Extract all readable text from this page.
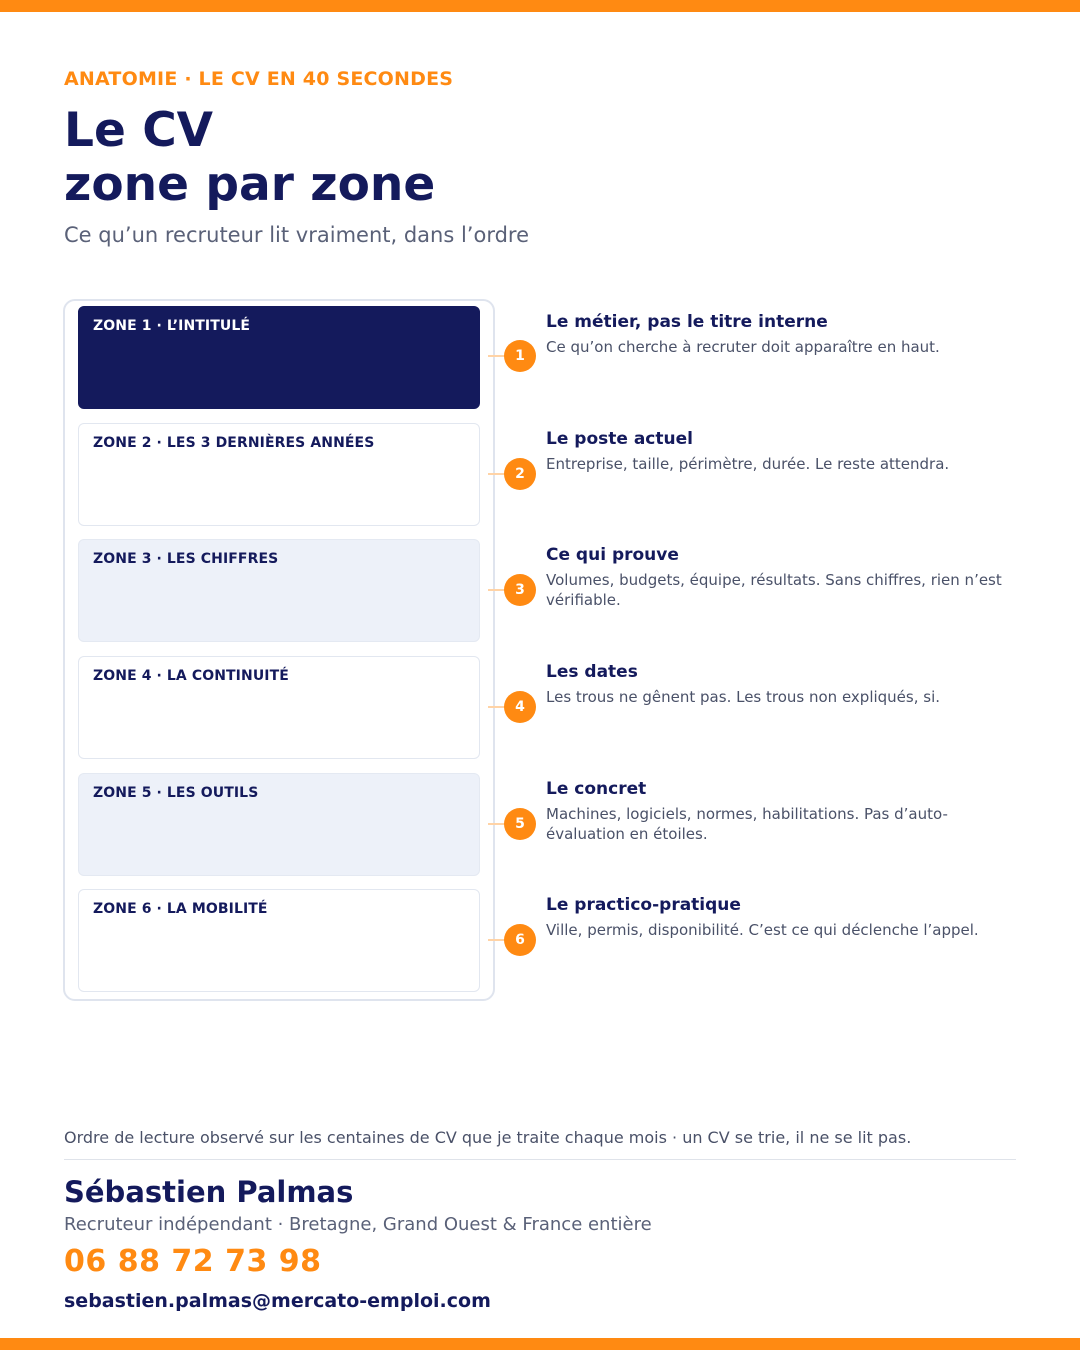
ANATOMIE · LE CV EN 40 SECONDES
Le CV
zone par zone
Ce qu’un recruteur lit vraiment, dans l’ordre
ZONE 1 · L’INTITULÉ
1
Le métier, pas le titre interne
Ce qu’on cherche à recruter doit apparaître en haut.
ZONE 2 · LES 3 DERNIÈRES ANNÉES
2
Le poste actuel
Entreprise, taille, périmètre, durée. Le reste attendra.
ZONE 3 · LES CHIFFRES
3
Ce qui prouve
Volumes, budgets, équipe, résultats. Sans chiffres, rien n’est vérifiable.
ZONE 4 · LA CONTINUITÉ
4
Les dates
Les trous ne gênent pas. Les trous non expliqués, si.
ZONE 5 · LES OUTILS
5
Le concret
Machines, logiciels, normes, habilitations. Pas d’auto-évaluation en étoiles.
ZONE 6 · LA MOBILITÉ
6
Le practico-pratique
Ville, permis, disponibilité. C’est ce qui déclenche l’appel.
Ordre de lecture observé sur les centaines de CV que je traite chaque mois · un CV se trie, il ne se lit pas.
Sébastien Palmas
Recruteur indépendant · Bretagne, Grand Ouest & France entière
06 88 72 73 98
sebastien.palmas@mercato-emploi.com
